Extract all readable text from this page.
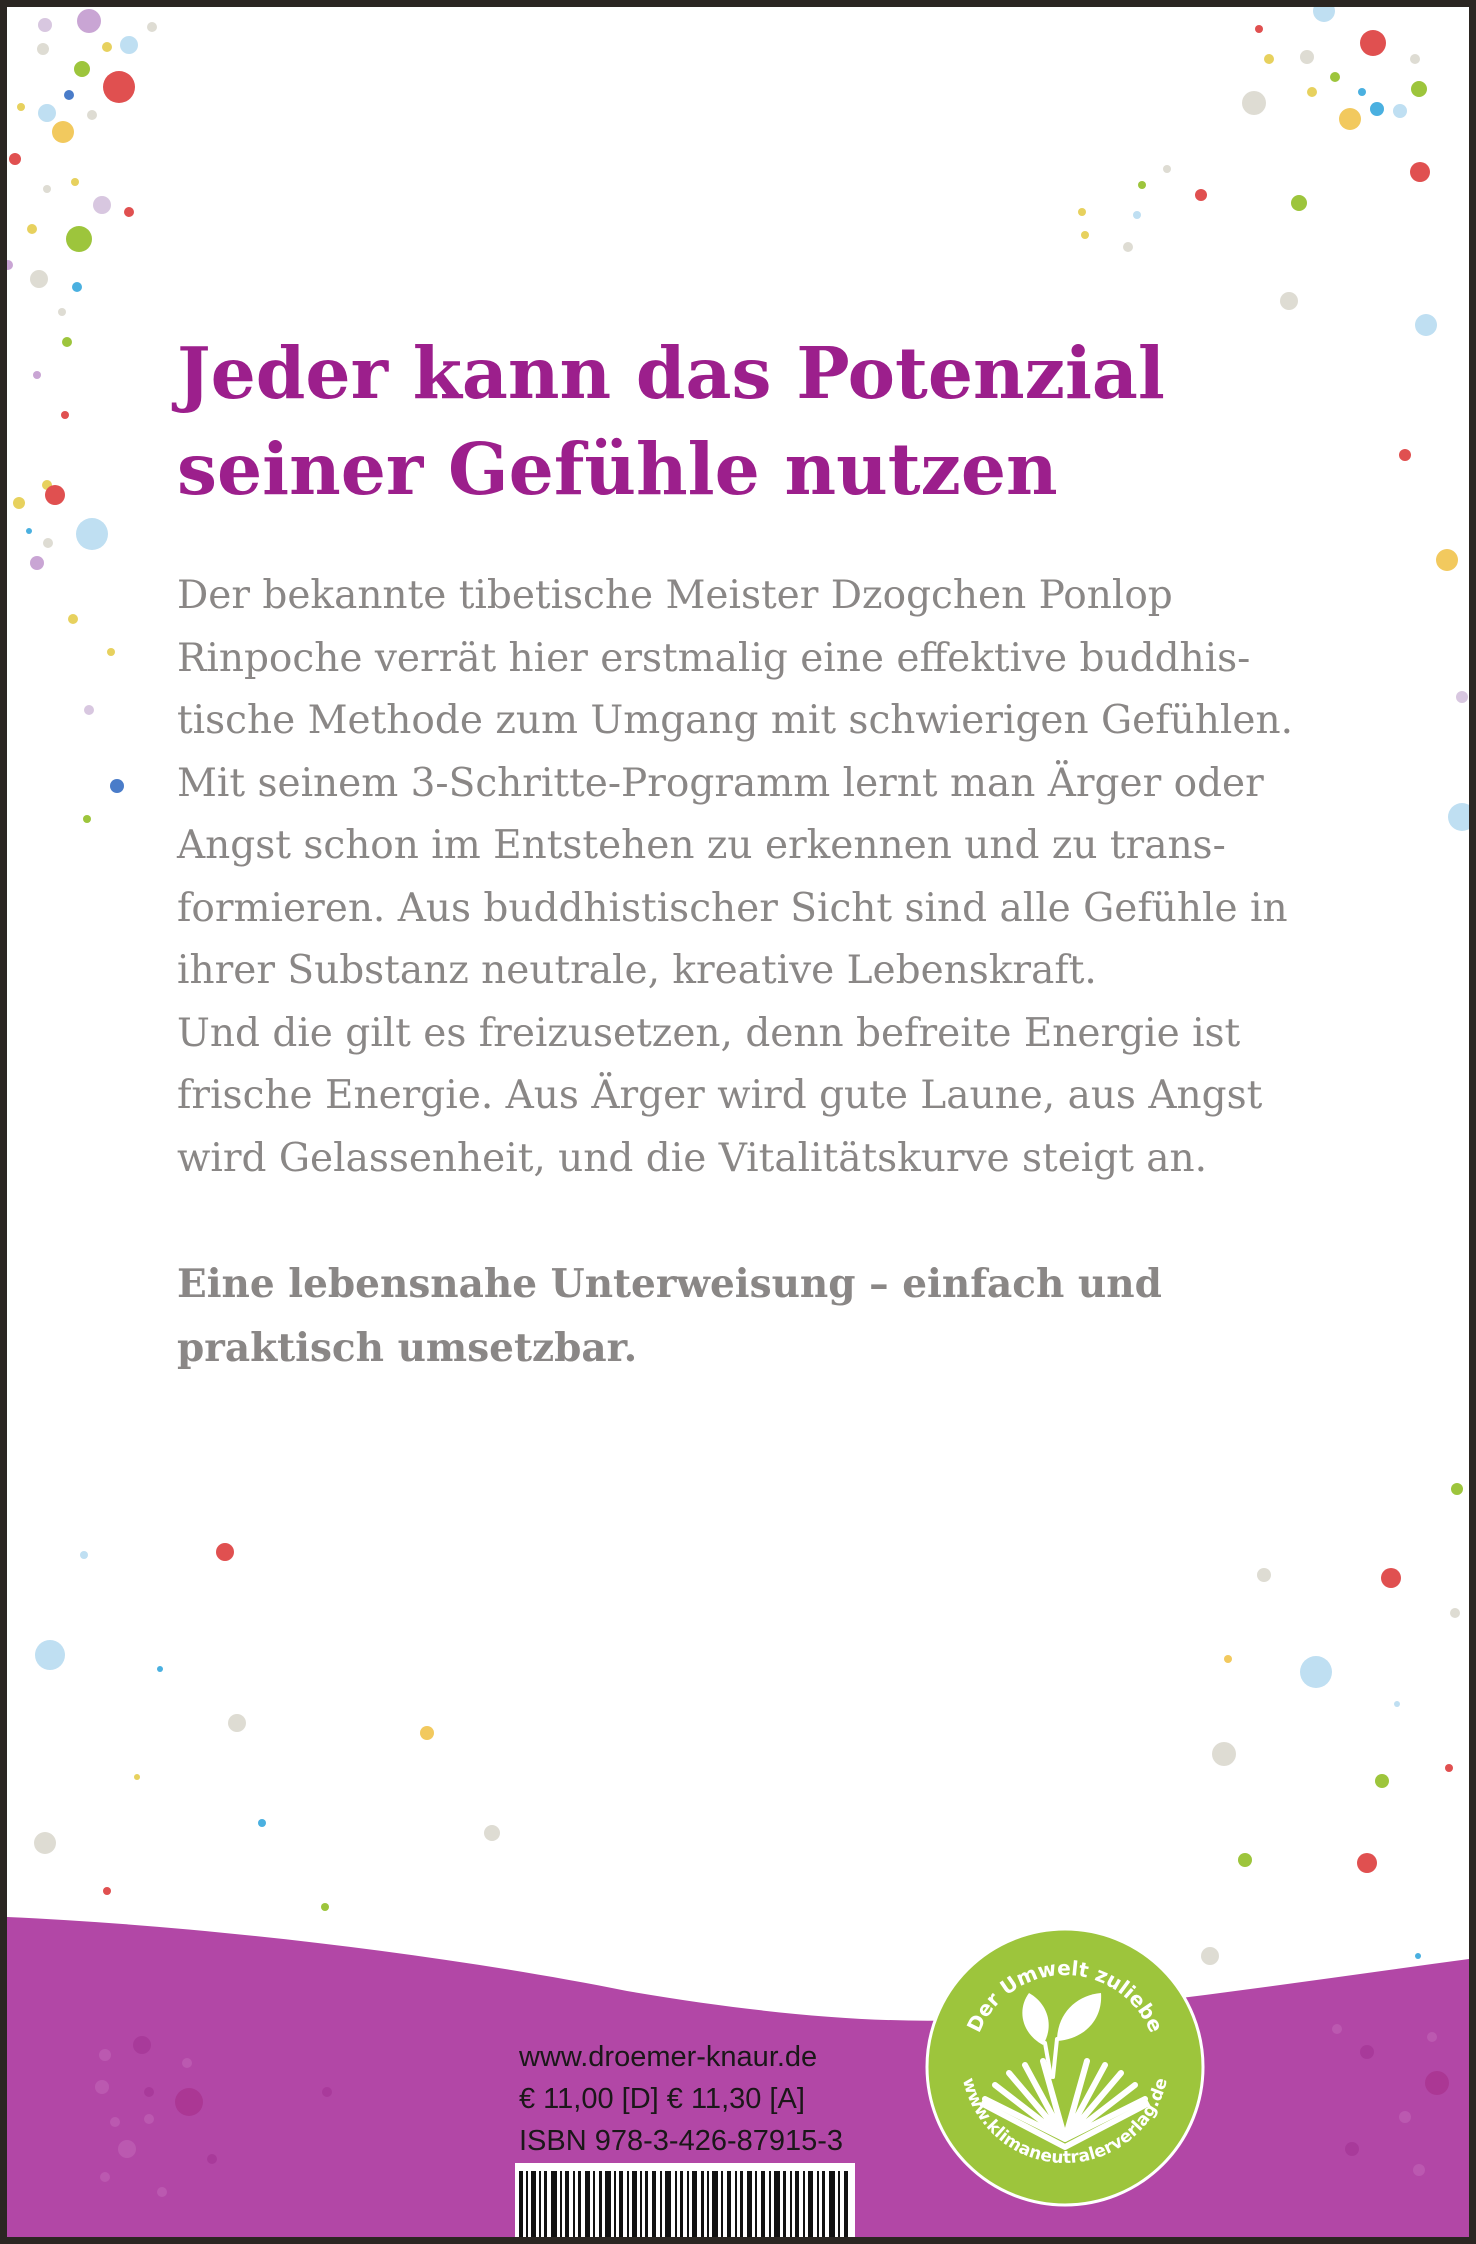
Jeder kann das Potenzial
seiner Gefühle nutzen

Der bekannte tibetische Meister Dzogchen Ponlop
Rinpoche verrät hier erstmalig eine effektive buddhis-
tische Methode zum Umgang mit schwierigen Gefühlen.
Mit seinem 3-Schritte-Programm lernt man Ärger oder
Angst schon im Entstehen zu erkennen und zu trans-
formieren. Aus buddhistischer Sicht sind alle Gefühle in
ihrer Substanz neutrale, kreative Lebenskraft.
Und die gilt es freizusetzen, denn befreite Energie ist
frische Energie. Aus Ärger wird gute Laune, aus Angst
wird Gelassenheit, und die Vitalitätskurve steigt an.

Eine lebensnahe Unterweisung – einfach und
praktisch umsetzbar.

www.droemer-knaur.de
€ 11,00 [D] € 11,30 [A]
ISBN 978-3-426-87915-3
Der Umwelt zuliebe
www.klimaneutralerverlag.de
